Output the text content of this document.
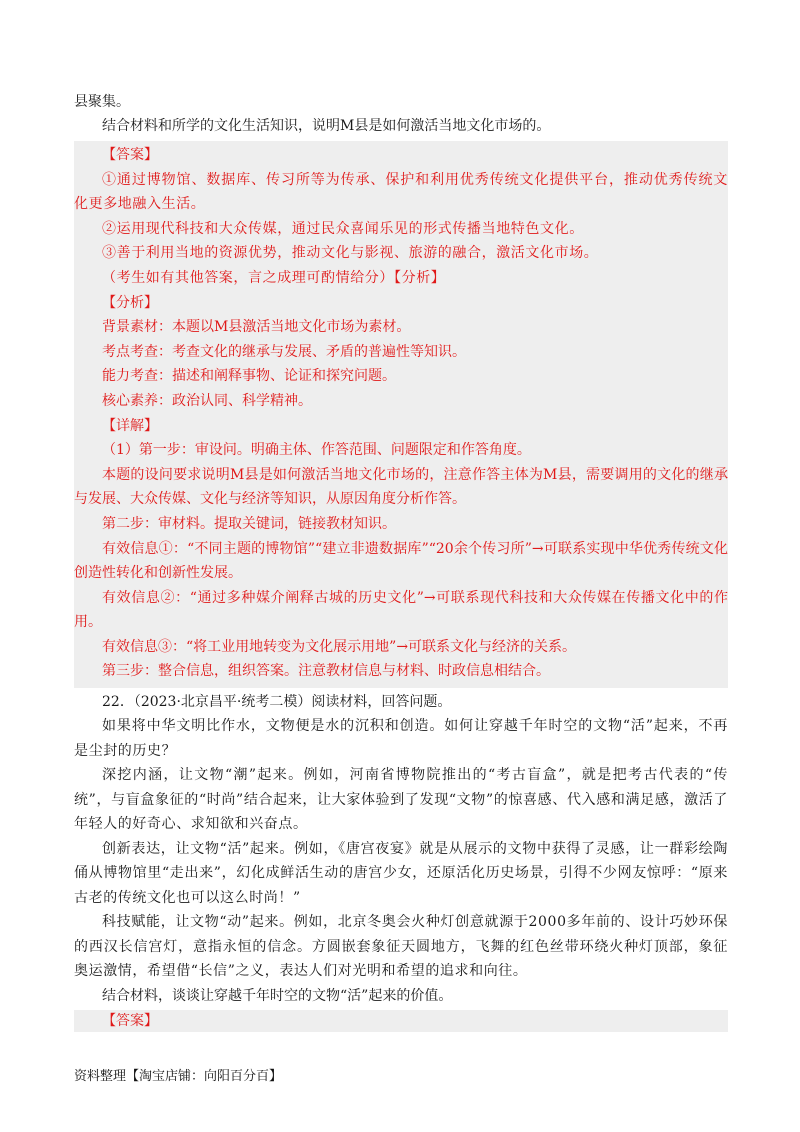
县聚集。
结合材料和所学的文化生活知识，说明M县是如何激活当地文化市场的。
【答案】
①通过博物馆、数据库、传习所等为传承、保护和利用优秀传统文化提供平台，推动优秀传统文化更多地融入生活。
②运用现代科技和大众传媒，通过民众喜闻乐见的形式传播当地特色文化。
③善于利用当地的资源优势，推动文化与影视、旅游的融合，激活文化市场。
（考生如有其他答案，言之成理可酌情给分）【分析】
【分析】
背景素材：本题以M县激活当地文化市场为素材。
考点考查：考查文化的继承与发展、矛盾的普遍性等知识。
能力考查：描述和阐释事物、论证和探究问题。
核心素养：政治认同、科学精神。
【详解】
（1）第一步：审设问。明确主体、作答范围、问题限定和作答角度。
本题的设问要求说明M县是如何激活当地文化市场的，注意作答主体为M县，需要调用的文化的继承与发展、大众传媒、文化与经济等知识，从原因角度分析作答。
第二步：审材料。提取关键词，链接教材知识。
有效信息①：“不同主题的博物馆”“建立非遗数据库”“20余个传习所”→可联系实现中华优秀传统文化创造性转化和创新性发展。
有效信息②：“通过多种媒介阐释古城的历史文化”→可联系现代科技和大众传媒在传播文化中的作用。
有效信息③：“将工业用地转变为文化展示用地”→可联系文化与经济的关系。
第三步：整合信息，组织答案。注意教材信息与材料、时政信息相结合。
22．（2023·北京昌平·统考二模）阅读材料，回答问题。
如果将中华文明比作水，文物便是水的沉积和创造。如何让穿越千年时空的文物“活”起来，不再是尘封的历史？
深挖内涵，让文物“潮”起来。例如，河南省博物院推出的“考古盲盒”，就是把考古代表的“传统”，与盲盒象征的“时尚”结合起来，让大家体验到了发现“文物”的惊喜感、代入感和满足感，激活了年轻人的好奇心、求知欲和兴奋点。
创新表达，让文物“活”起来。例如，《唐宫夜宴》就是从展示的文物中获得了灵感，让一群彩绘陶俑从博物馆里“走出来”，幻化成鲜活生动的唐宫少女，还原活化历史场景，引得不少网友惊呼：“原来古老的传统文化也可以这么时尚！”
科技赋能，让文物“动”起来。例如，北京冬奥会火种灯创意就源于2000多年前的、设计巧妙环保的西汉长信宫灯，意指永恒的信念。方圆嵌套象征天圆地方，飞舞的红色丝带环绕火种灯顶部，象征奥运激情，希望借“长信”之义，表达人们对光明和希望的追求和向往。
结合材料，谈谈让穿越千年时空的文物“活”起来的价值。
【答案】
资料整理【淘宝店铺：向阳百分百】
